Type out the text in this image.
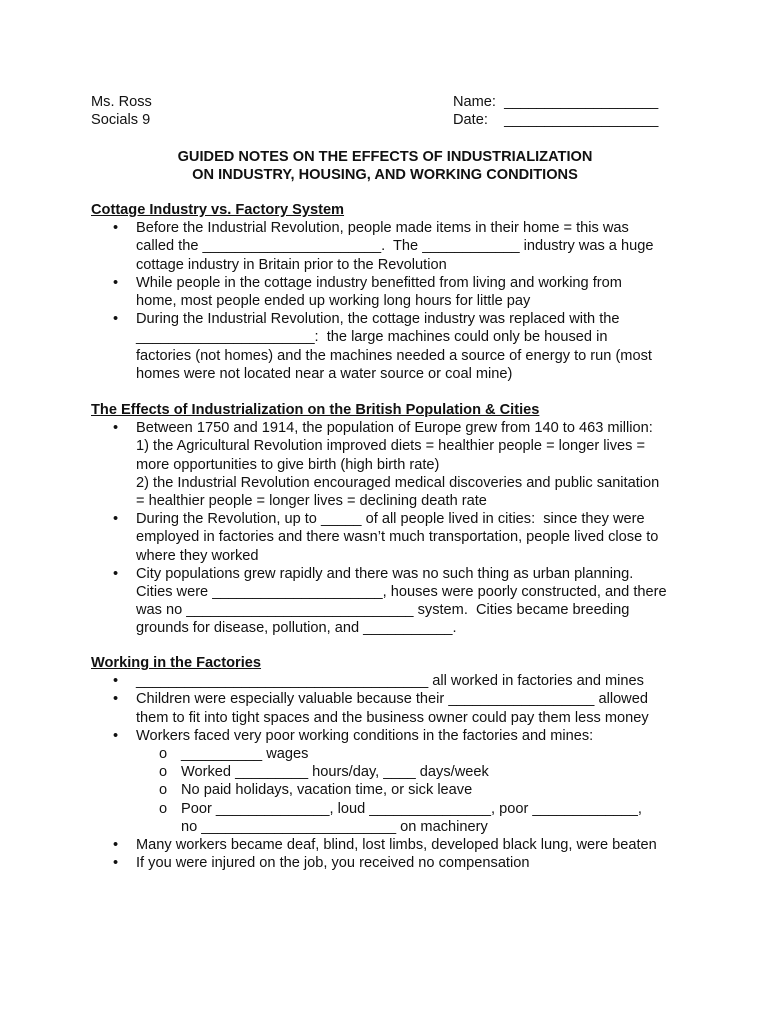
Ms. Ross
Socials 9
Name:  ___________________
Date:    ___________________
GUIDED NOTES ON THE EFFECTS OF INDUSTRIALIZATION
ON INDUSTRY, HOUSING, AND WORKING CONDITIONS
Cottage Industry vs. Factory System
• Before the Industrial Revolution, people made items in their home = this was
called the ______________________.  The ____________ industry was a huge
cottage industry in Britain prior to the Revolution
• While people in the cottage industry benefitted from living and working from
home, most people ended up working long hours for little pay
• During the Industrial Revolution, the cottage industry was replaced with the
______________________:  the large machines could only be housed in
factories (not homes) and the machines needed a source of energy to run (most
homes were not located near a water source or coal mine)
The Effects of Industrialization on the British Population & Cities
• Between 1750 and 1914, the population of Europe grew from 140 to 463 million:
1) the Agricultural Revolution improved diets = healthier people = longer lives =
more opportunities to give birth (high birth rate)
2) the Industrial Revolution encouraged medical discoveries and public sanitation
= healthier people = longer lives = declining death rate
• During the Revolution, up to _____ of all people lived in cities:  since they were
employed in factories and there wasn’t much transportation, people lived close to
where they worked
• City populations grew rapidly and there was no such thing as urban planning.
Cities were _____________________, houses were poorly constructed, and there
was no ____________________________ system.  Cities became breeding
grounds for disease, pollution, and ___________.
Working in the Factories
• ____________________________________ all worked in factories and mines
• Children were especially valuable because their __________________ allowed
them to fit into tight spaces and the business owner could pay them less money
• Workers faced very poor working conditions in the factories and mines:
o __________ wages
o Worked _________ hours/day, ____ days/week
o No paid holidays, vacation time, or sick leave
o Poor ______________, loud _______________, poor _____________,
no ________________________ on machinery
• Many workers became deaf, blind, lost limbs, developed black lung, were beaten
• If you were injured on the job, you received no compensation
